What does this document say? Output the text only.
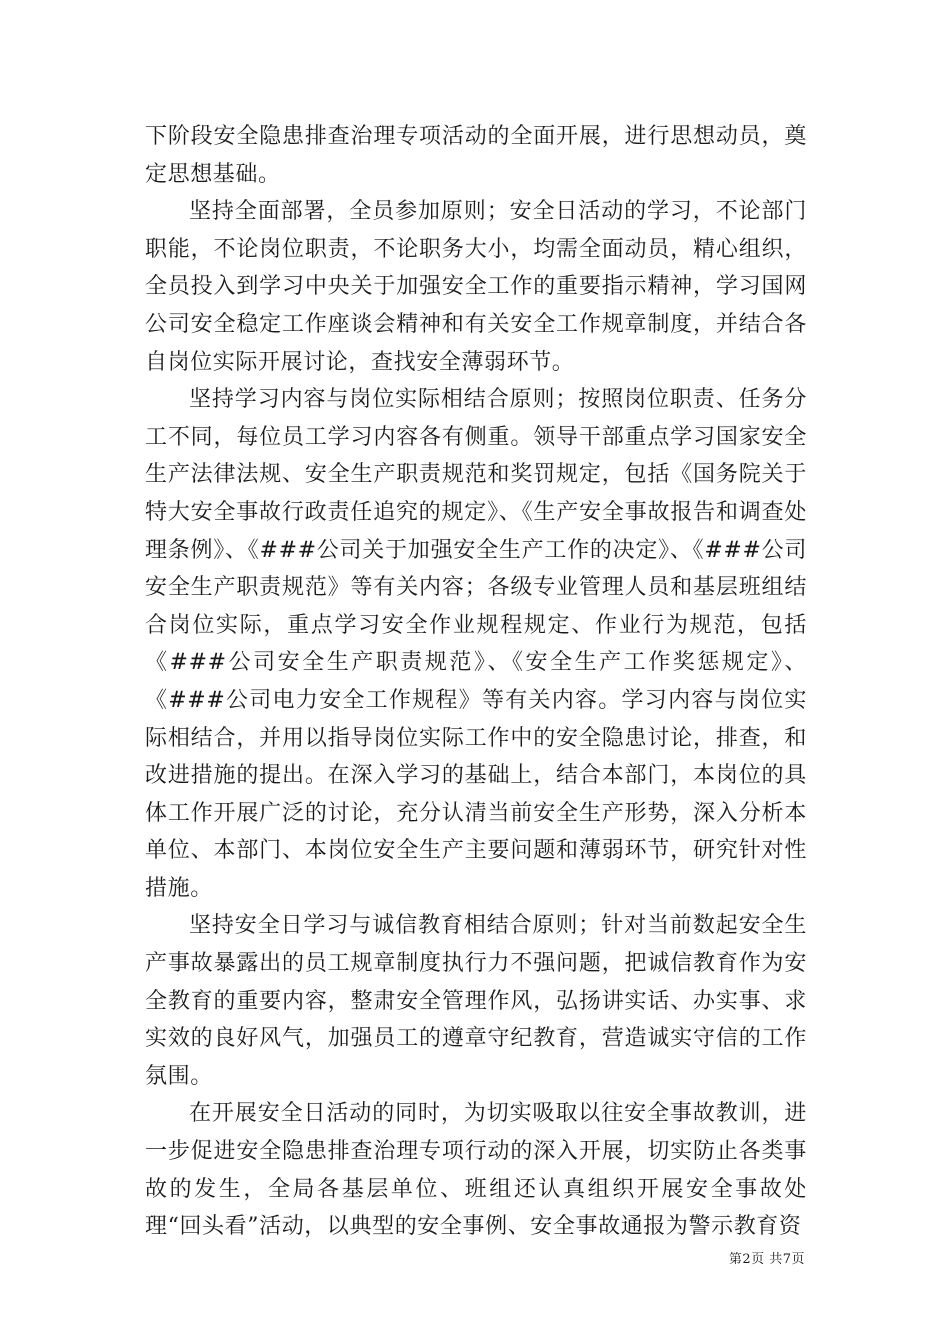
下阶段安全隐患排查治理专项活动的全面开展，进行思想动员，奠定思想基础。

坚持全面部署，全员参加原则；安全日活动的学习，不论部门职能，不论岗位职责，不论职务大小，均需全面动员，精心组织，全员投入到学习中央关于加强安全工作的重要指示精神，学习国网公司安全稳定工作座谈会精神和有关安全工作规章制度，并结合各自岗位实际开展讨论，查找安全薄弱环节。

坚持学习内容与岗位实际相结合原则；按照岗位职责、任务分工不同，每位员工学习内容各有侧重。领导干部重点学习国家安全生产法律法规、安全生产职责规范和奖罚规定，包括《国务院关于特大安全事故行政责任追究的规定》、《生产安全事故报告和调查处理条例》、《###公司关于加强安全生产工作的决定》、《###公司安全生产职责规范》等有关内容；各级专业管理人员和基层班组结合岗位实际，重点学习安全作业规程规定、作业行为规范，包括《###公司安全生产职责规范》、《安全生产工作奖惩规定》、《###公司电力安全工作规程》等有关内容。学习内容与岗位实际相结合，并用以指导岗位实际工作中的安全隐患讨论，排查，和改进措施的提出。在深入学习的基础上，结合本部门，本岗位的具体工作开展广泛的讨论，充分认清当前安全生产形势，深入分析本单位、本部门、本岗位安全生产主要问题和薄弱环节，研究针对性措施。

坚持安全日学习与诚信教育相结合原则；针对当前数起安全生产事故暴露出的员工规章制度执行力不强问题，把诚信教育作为安全教育的重要内容，整肃安全管理作风，弘扬讲实话、办实事、求实效的良好风气，加强员工的遵章守纪教育，营造诚实守信的工作氛围。

在开展安全日活动的同时，为切实吸取以往安全事故教训，进一步促进安全隐患排查治理专项行动的深入开展，切实防止各类事故的发生，全局各基层单位、班组还认真组织开展安全事故处理“回头看”活动，以典型的安全事例、安全事故通报为警示教育资

第2页 共7页
